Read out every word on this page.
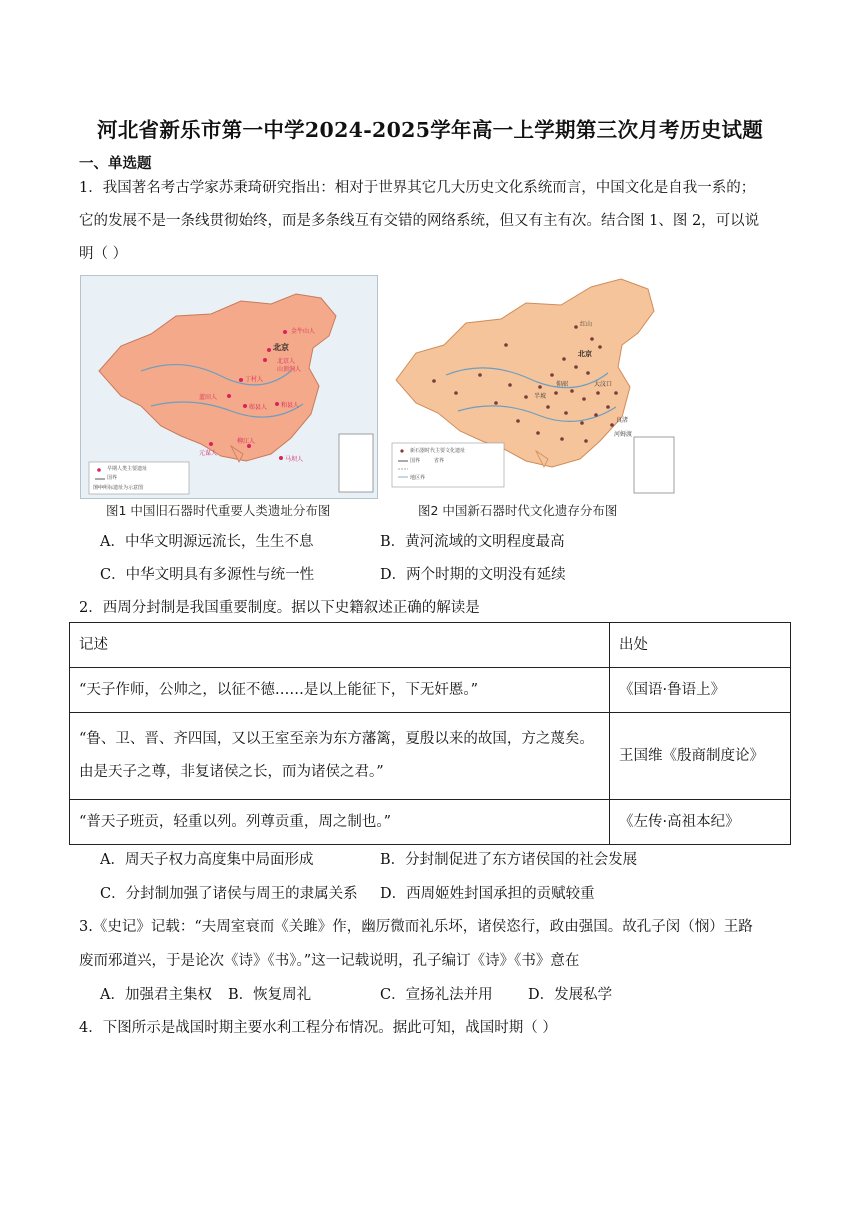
河北省新乐市第一中学2024-2025学年高一上学期第三次月考历史试题
一、单选题
1．我国著名考古学家苏秉琦研究指出：相对于世界其它几大历史文化系统而言，中国文化是自我一系的；
它的发展不是一条线贯彻始终，而是多条线互有交错的网络系统，但又有主有次。结合图 1、图 2，可以说
明（ ）
北京
金牛山人
北京人
山顶洞人
丁村人
蓝田人
郧县人 和县人
元谋人
马坝人
柳江人
早期人类主要遗址
国界
图中所标遗址为示意图
图1 中国旧石器时代重要人类遗址分布图
红山
北京
大汶口
仰韶
半坡
河姆渡
良渚
新石器时代主要文化遗址
国界	省界
地区界
图2 中国新石器时代文化遗存分布图
A．中华文明源远流长，生生不息	B．黄河流域的文明程度最高
C．中华文明具有多源性与统一性	D．两个时期的文明没有延续
2．西周分封制是我国重要制度。据以下史籍叙述正确的解读是
记述	出处
“天子作师，公帅之，以征不德……是以上能征下，下无奸慝。”	《国语·鲁语上》

“鲁、卫、晋、齐四国，又以王室至亲为东方藩篱，夏殷以来的故国，方之蔑矣。
由是天子之尊，非复诸侯之长，而为诸侯之君。”	王国维《殷商制度论》
“普天子班贡，轻重以列。列尊贡重，周之制也。”	《左传·高祖本纪》
A．周天子权力高度集中局面形成	B．分封制促进了东方诸侯国的社会发展
C．分封制加强了诸侯与周王的隶属关系 D．西周姬姓封国承担的贡赋较重
3.《史记》记载：“夫周室衰而《关雎》作，幽厉微而礼乐坏，诸侯恣行，政由强国。故孔子闵（悯）王路
废而邪道兴，于是论次《诗》《书》。”这一记载说明，孔子编订《诗》《书》意在
A．加强君主集权 B．恢复周礼	C．宣扬礼法并用 D．发展私学
4．下图所示是战国时期主要水利工程分布情况。据此可知，战国时期（ ）
